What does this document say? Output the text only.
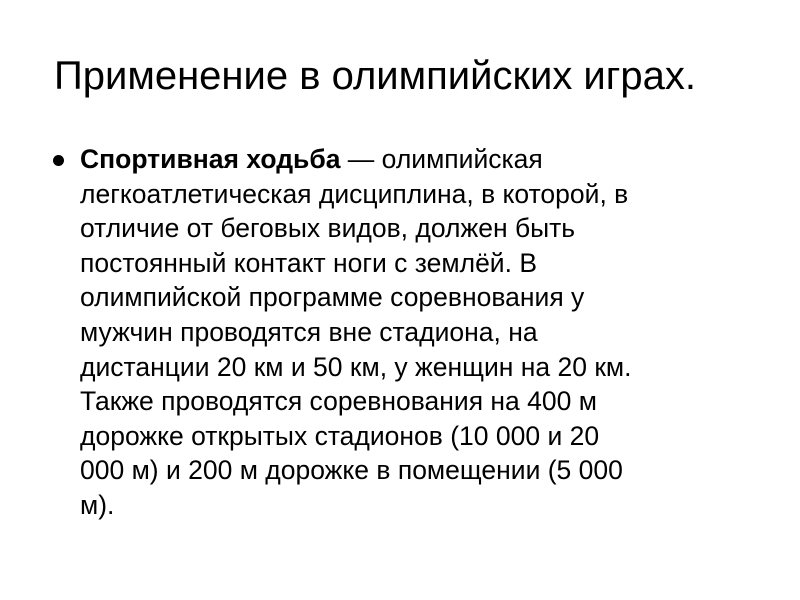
Применение в олимпийских играх.

Спортивная ходьба — олимпийская
легкоатлетическая дисциплина, в которой, в
отличие от беговых видов, должен быть
постоянный контакт ноги с землёй. В
олимпийской программе соревнования у
мужчин проводятся вне стадиона, на
дистанции 20 км и 50 км, у женщин на 20 км.
Также проводятся соревнования на 400 м
дорожке открытых стадионов (10 000 и 20
000 м) и 200 м дорожке в помещении (5 000
м).
